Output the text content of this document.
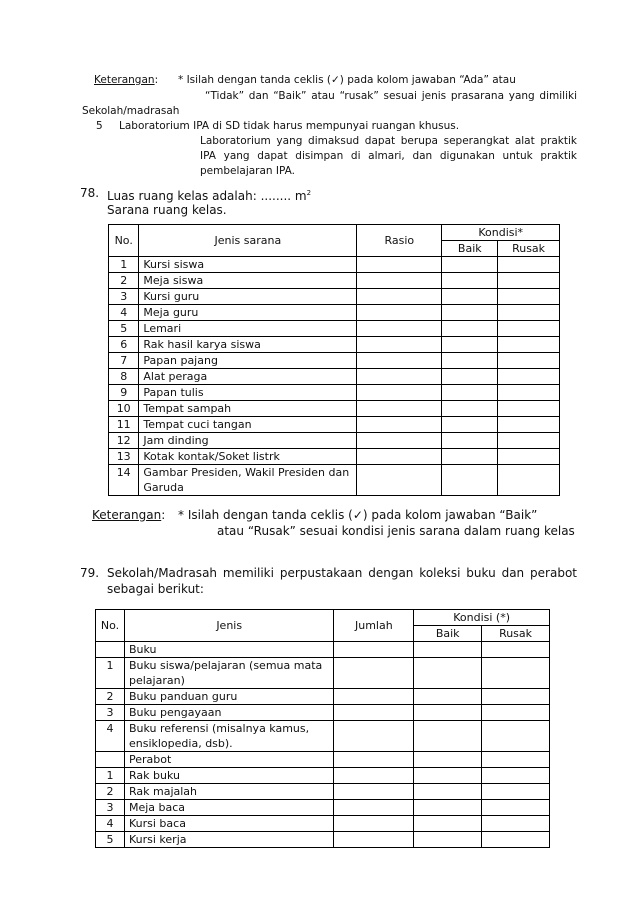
Keterangan: * Isilah dengan tanda ceklis (✓) pada kolom jawaban “Ada” atau
“Tidak” dan “Baik” atau “rusak” sesuai jenis prasarana yang dimiliki
Sekolah/madrasah
5 Laboratorium IPA di SD tidak harus mempunyai ruangan khusus.
Laboratorium yang dimaksud dapat berupa seperangkat alat praktik IPA yang dapat disimpan di almari, dan digunakan untuk praktik pembelajaran IPA.
78. Luas ruang kelas adalah: ........ $m^2$
Sarana ruang kelas.
No.	Jenis sarana	Rasio	Kondisi*	
			Baik	Rusak
1	Kursi siswa			
2	Meja siswa			
3	Kursi guru			
4	Meja guru			
5	Lemari			
6	Rak hasil karya siswa			
7	Papan pajang			
8	Alat peraga			
9	Papan tulis			
10	Tempat sampah			
11	Tempat cuci tangan			
12	Jam dinding			
13	Kotak kontak/Soket listrk			
14	Gambar Presiden, Wakil Presiden dan Garuda			
Keterangan: * Isilah dengan tanda ceklis (✓) pada kolom jawaban “Baik”
atau “Rusak” sesuai kondisi jenis sarana dalam ruang kelas
79. Sekolah/Madrasah memiliki perpustakaan dengan koleksi buku dan perabot sebagai berikut:
No.	Jenis	Jumlah	Kondisi (*)	
			Baik	Rusak
	Buku			
1	Buku siswa/pelajaran (semua mata pelajaran)			
2	Buku panduan guru			
3	Buku pengayaan			
4	Buku referensi (misalnya kamus, ensiklopedia, dsb).			
	Perabot			
1	Rak buku			
2	Rak majalah			
3	Meja baca			
4	Kursi baca			
5	Kursi kerja			
